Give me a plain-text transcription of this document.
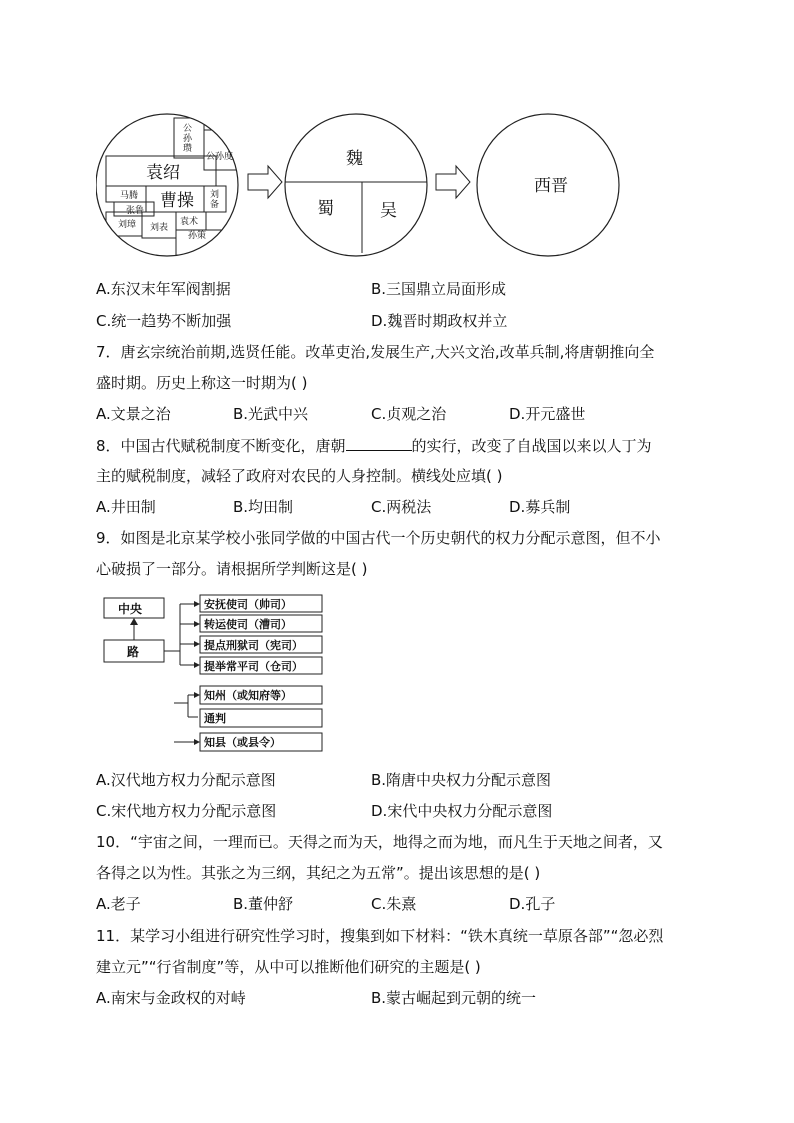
袁绍
曹操
公
孙
瓒
公孙度
马腾
张鲁
刘
备
刘璋 刘表
袁术
孙策
魏
蜀	吴
西晋
A.东汉末年军阀割据	B.三国鼎立局面形成
C.统一趋势不断加强	D.魏晋时期政权并立
7．唐玄宗统治前期,选贤任能。改革吏治,发展生产,大兴文治,改革兵制,将唐朝推向全
盛时期。历史上称这一时期为( )
A.文景之治	B.光武中兴	C.贞观之治	D.开元盛世
8．中国古代赋税制度不断变化，唐朝	的实行，改变了自战国以来以人丁为
主的赋税制度，减轻了政府对农民的人身控制。横线处应填( )
A.井田制	B.均田制	C.两税法	D.募兵制
9．如图是北京某学校小张同学做的中国古代一个历史朝代的权力分配示意图，但不小
心破损了一部分。请根据所学判断这是( )
中央
路
安抚使司（帅司）
转运使司（漕司）
提点刑狱司（宪司）
提举常平司（仓司）
知州（或知府等）
通判
知县（或县令）
A.汉代地方权力分配示意图	B.隋唐中央权力分配示意图
C.宋代地方权力分配示意图	D.宋代中央权力分配示意图
10．“宇宙之间，一理而已。天得之而为天，地得之而为地，而凡生于天地之间者，又
各得之以为性。其张之为三纲，其纪之为五常”。提出该思想的是( )
A.老子	B.董仲舒	C.朱熹	D.孔子
11．某学习小组进行研究性学习时，搜集到如下材料：“铁木真统一草原各部”“忽必烈
建立元”“行省制度”等，从中可以推断他们研究的主题是( )
A.南宋与金政权的对峙	B.蒙古崛起到元朝的统一
